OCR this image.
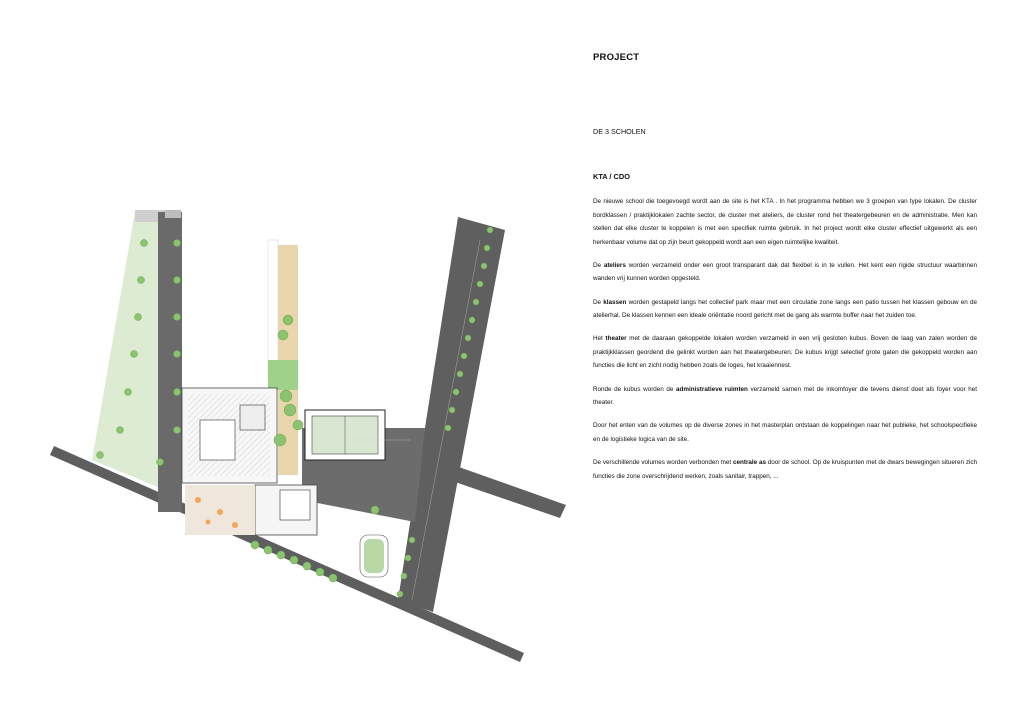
PROJECT

DE 3 SCHOLEN

KTA / CDO

De nieuwe school die toegevoegd wordt aan de site is het KTA . In het programma hebben we 3 groepen van type lokalen. De cluster bordklassen / praktijklokalen zachte sector, de cluster met ateliers, de cluster rond het theatergebeuren en de administratie. Men kan stellen dat elke cluster te koppelen is met een specifiek ruimte gebruik. In het project wordt elke cluster effectief uitgewerkt als een herkenbaar volume dat op zijn beurt gekoppeld wordt aan een eigen ruimtelijke kwaliteit.

De ateliers worden verzameld onder een groot transparant dak dat flexibel is in te vullen. Het kent een rigide structuur waarbinnen wanden vrij kunnen worden opgesteld.

De klassen worden gestapeld langs het collectief park maar met een circulatie zone langs een patio tussen het klassen gebouw en de atelierhal. De klassen kennen een ideale oriëntatie noord gericht met de gang als warmte buffer naar het zuiden toe.

Het theater met de daaraan gekoppelde lokalen worden verzameld in een vrij gesloten kubus. Boven de laag van zalen worden de praktijkklassen geordend die gelinkt worden aan het theatergebeuren. De kubus krijgt selectief grote gaten die gekoppeld worden aan functies die licht en zicht nodig hebben zoals de loges, het kraaiennest.

Ronde de kubus worden de administratieve ruimten verzameld samen met de inkomfoyer die tevens dienst doet als foyer voor het theater.

Door het enten van de volumes op de diverse zones in het masterplan ontstaan de koppelingen naar het publieke, het schoolspecifieke en de logistieke logica van de site.

De verschillende volumes worden verbonden met centrale as door de school. Op de kruispunten met de dwars bewegingen situeren zich functies die zone overschrijdend werken, zoals sanitair, trappen, ...
